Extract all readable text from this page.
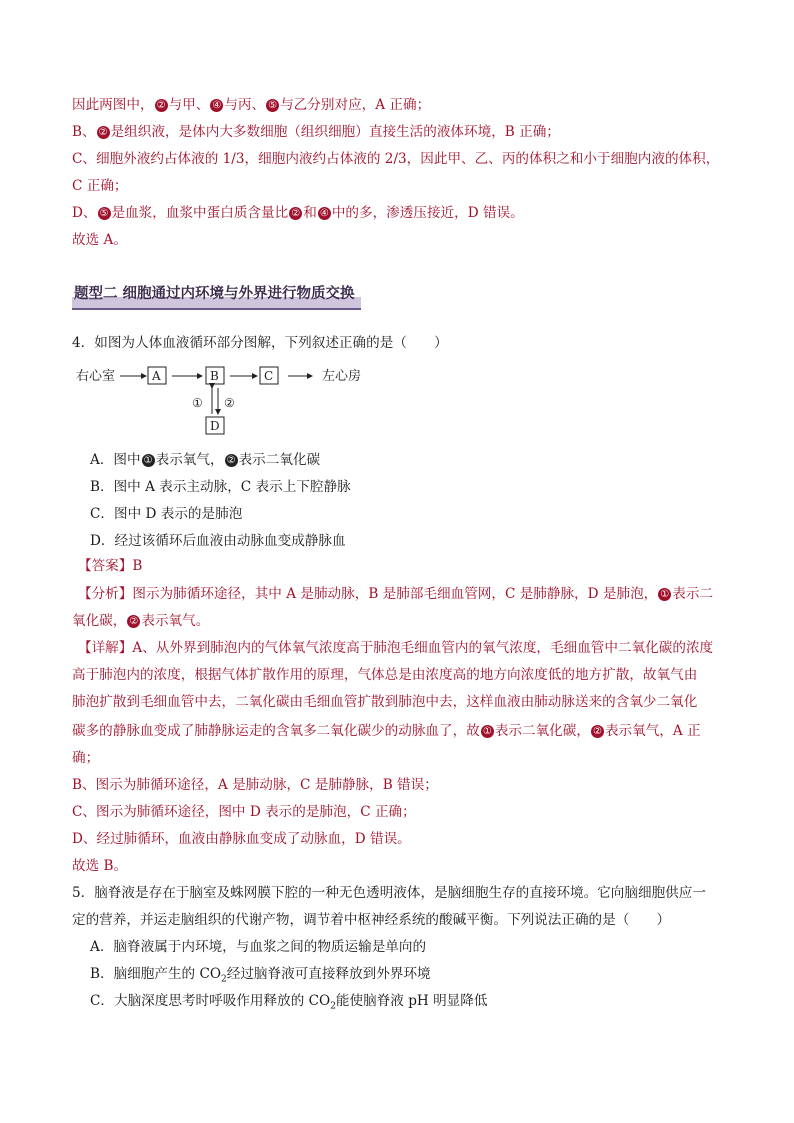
因此两图中， ② 与甲、 ④ 与丙、 ⑤ 与乙分别对应，A 正确；
B、 ② 是组织液，是体内大多数细胞（组织细胞）直接生活的液体环境，B 正确；
C、细胞外液约占体液的 1/3，细胞内液约占体液的 2/3，因此甲、乙、丙的体积之和小于细胞内液的体积，
C 正确；
D、 ⑤ 是血浆，血浆中蛋白质含量比 ② 和 ④ 中的多，渗透压接近，D 错误。
故选 A。
题型二 细胞通过内环境与外界进行物质交换
4．如图为人体血液循环部分图解，下列叙述正确的是（　　）
右心室	A	B	C	左心房
① ②
D
A．图中 ① 表示氧气， ② 表示二氧化碳
B．图中 A 表示主动脉，C 表示上下腔静脉
C．图中 D 表示的是肺泡
D．经过该循环后血液由动脉血变成静脉血
【答案】B
【分析】图示为肺循环途径，其中 A 是肺动脉，B 是肺部毛细血管网，C 是肺静脉，D 是肺泡， ① 表示二
氧化碳， ② 表示氧气。
【详解】A、从外界到肺泡内的气体氧气浓度高于肺泡毛细血管内的氧气浓度，毛细血管中二氧化碳的浓度
高于肺泡内的浓度，根据气体扩散作用的原理，气体总是由浓度高的地方向浓度低的地方扩散，故氧气由
肺泡扩散到毛细血管中去，二氧化碳由毛细血管扩散到肺泡中去，这样血液由肺动脉送来的含氧少二氧化
碳多的静脉血变成了肺静脉运走的含氧多二氧化碳少的动脉血了，故 ① 表示二氧化碳， ② 表示氧气，A 正
确；
B、图示为肺循环途径，A 是肺动脉，C 是肺静脉，B 错误；
C、图示为肺循环途径，图中 D 表示的是肺泡，C 正确；
D、经过肺循环，血液由静脉血变成了动脉血，D 错误。
故选 B。
5．脑脊液是存在于脑室及蛛网膜下腔的一种无色透明液体，是脑细胞生存的直接环境。它向脑细胞供应一
定的营养，并运走脑组织的代谢产物，调节着中枢神经系统的酸碱平衡。下列说法正确的是（　　）
A．脑脊液属于内环境，与血浆之间的物质运输是单向的
B．脑细胞产生的 $CO_2$经过脑脊液可直接释放到外界环境
C．大脑深度思考时呼吸作用释放的 $CO_2$能使脑脊液 pH 明显降低
